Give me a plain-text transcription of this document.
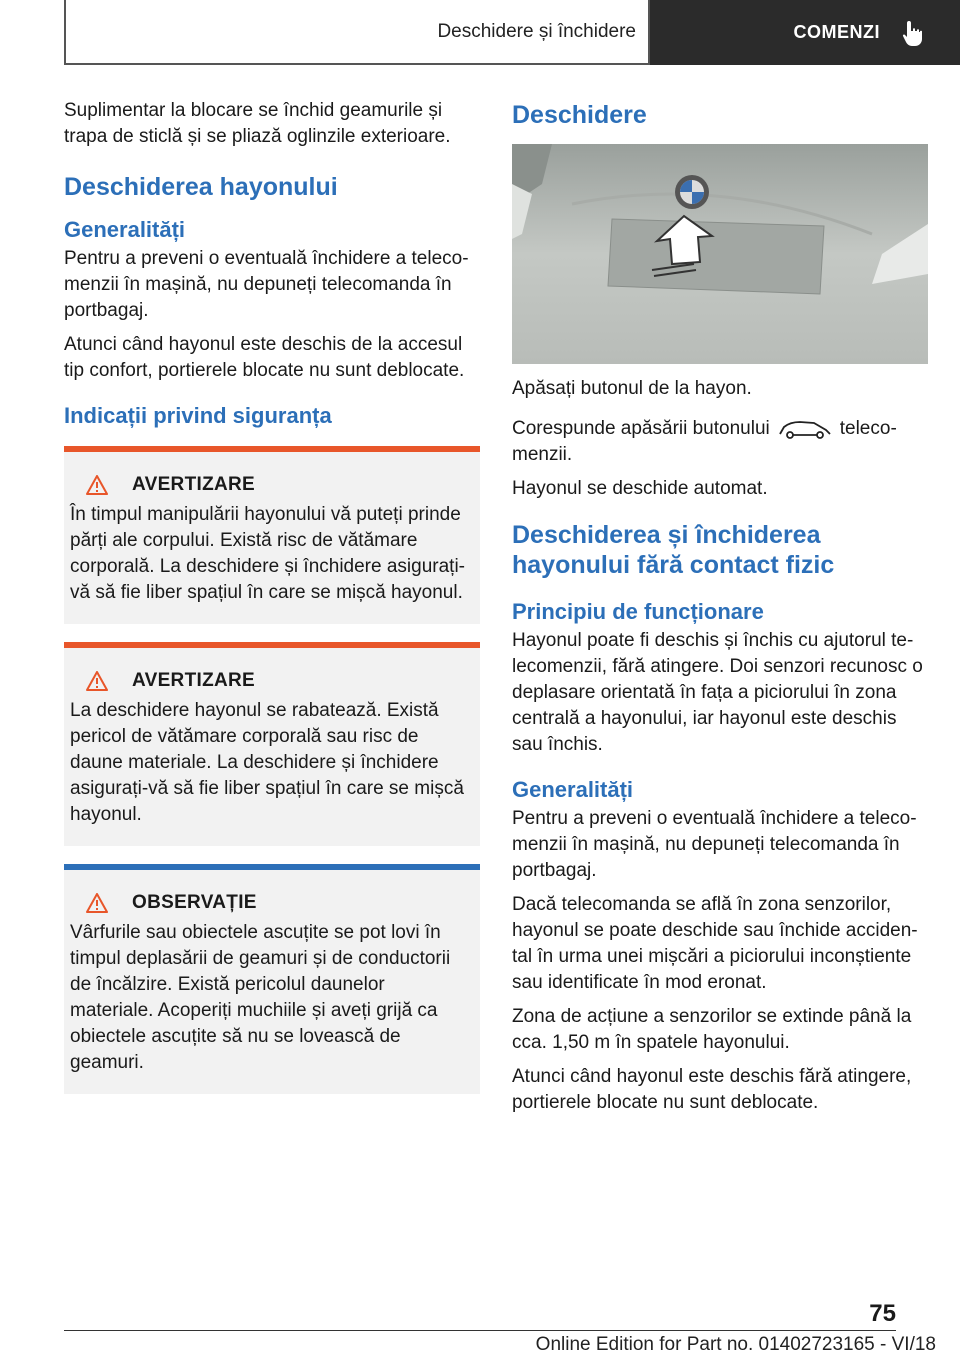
Deschidere și închidere	COMENZI

Suplimentar la blocare se închid geamurile și trapa de sticlă și se pliază oglinzile exterioare.

Deschiderea hayonului
Generalități

Pentru a preveni o eventuală închidere a telecomenzii în mașină, nu depuneți telecomanda în portbagaj.

Atunci când hayonul este deschis de la accesul tip confort, portierele blocate nu sunt deblocate.

Indicații privind siguranța
AVERTIZARE

În timpul manipulării hayonului vă puteți prinde părți ale corpului. Există risc de vătămare corporală. La deschidere și închidere asigurați-vă să fie liber spațiul în care se mișcă hayonul.

AVERTIZARE

La deschidere hayonul se rabatează. Există pericol de vătămare corporală sau risc de daune materiale. La deschidere și închidere asigurați-vă să fie liber spațiul în care se mișcă hayonul.

OBSERVAȚIE

Vârfurile sau obiectele ascuțite se pot lovi în timpul deplasării de geamuri și de conductorii de încălzire. Există pericolul daunelor materiale. Acoperiți muchiile și aveți grijă ca obiectele ascuțite să nu se lovească de geamuri.

Deschidere

Apăsați butonul de la hayon.

Corespunde apăsării butonului	telecomenzii.

Hayonul se deschide automat.

Deschiderea și închiderea hayonului fără contact fizic
Principiu de funcționare

Hayonul poate fi deschis și închis cu ajutorul telecomenzii, fără atingere. Doi senzori recunosc o deplasare orientată în fața a piciorului în zona centrală a hayonului, iar hayonul este deschis sau închis.

Generalități

Pentru a preveni o eventuală închidere a telecomenzii în mașină, nu depuneți telecomanda în portbagaj.

Dacă telecomanda se află în zona senzorilor, hayonul se poate deschide sau închide accidental în urma unei mișcări a piciorului inconștiente sau identificate în mod eronat.

Zona de acțiune a senzorilor se extinde până la cca. 1,50 m în spatele hayonului.

Atunci când hayonul este deschis fără atingere, portierele blocate nu sunt deblocate.

75
Online Edition for Part no. 01402723165 - VI/18
